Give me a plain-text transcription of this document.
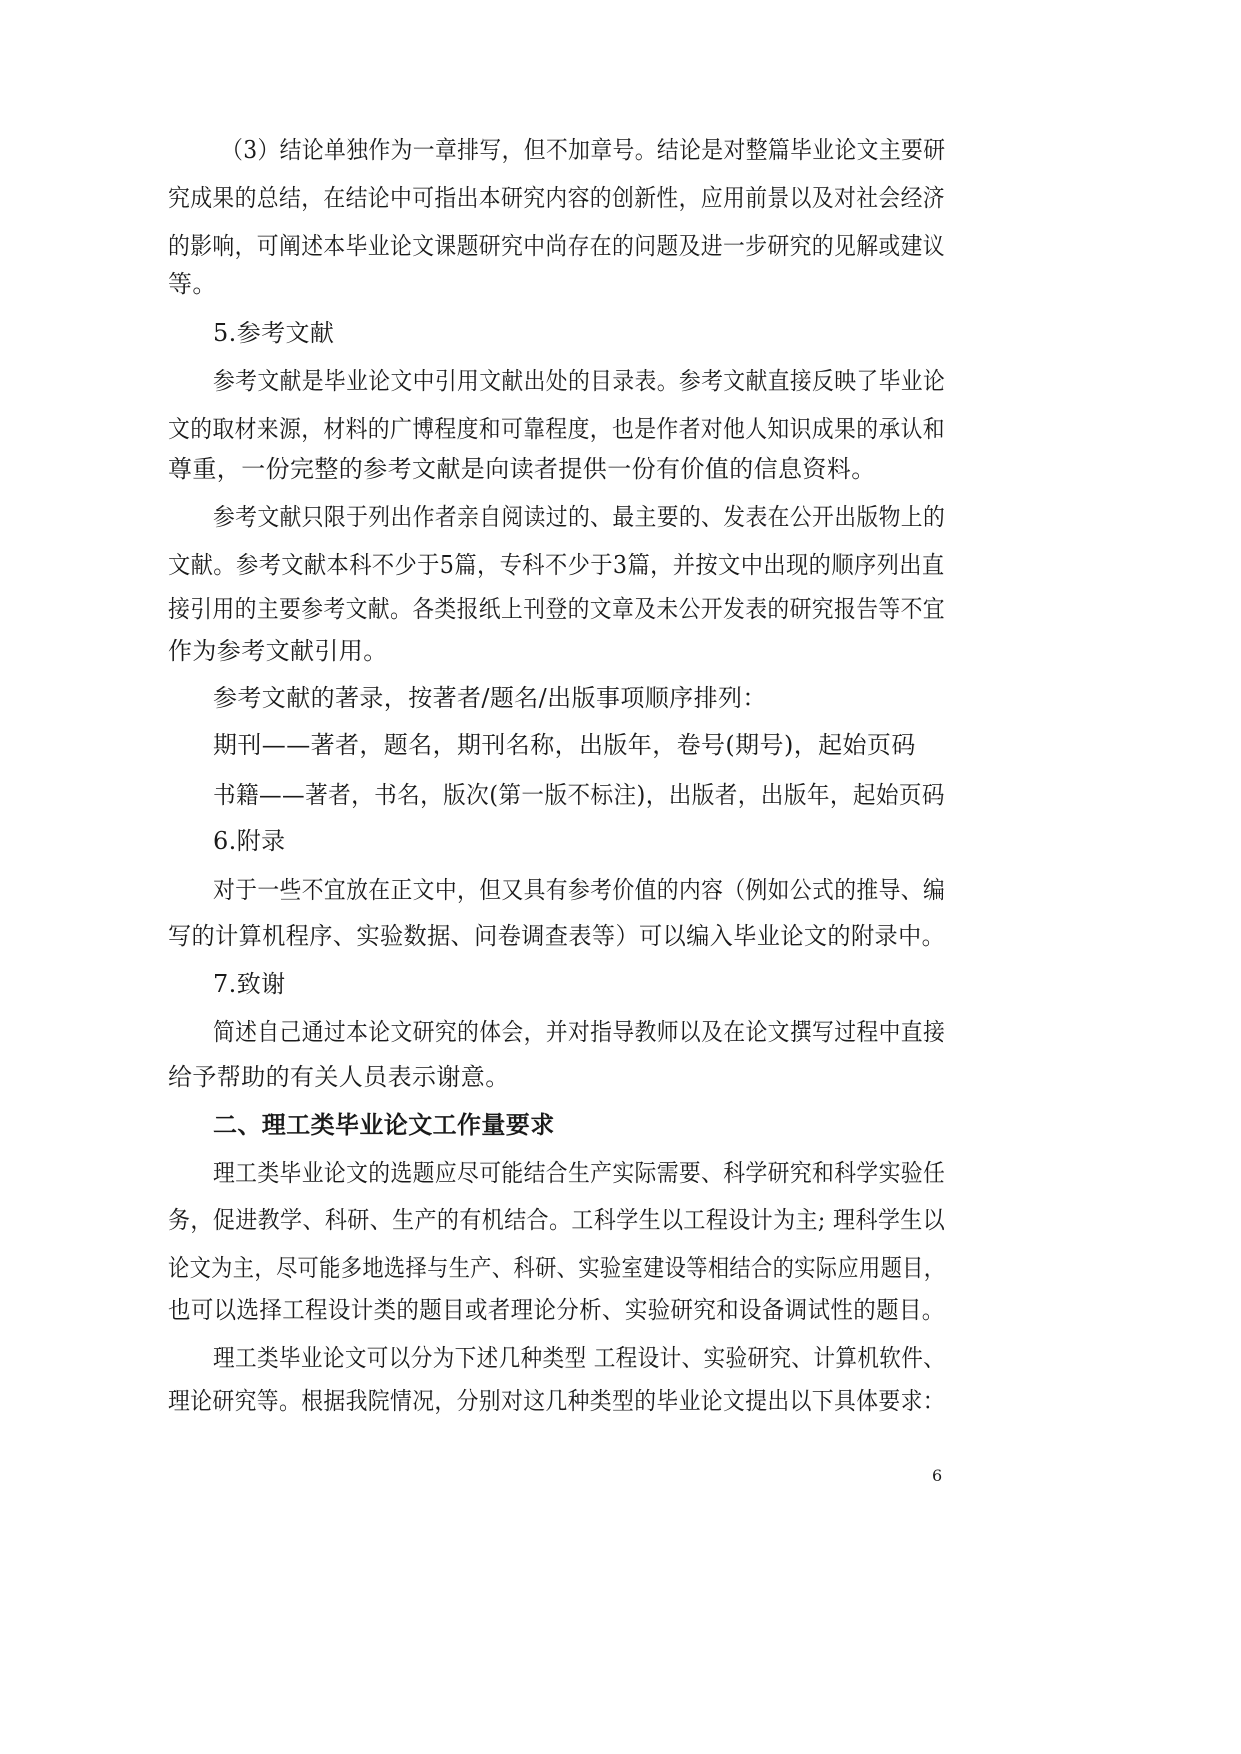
（3）结论单独作为一章排写，但不加章号。结论是对整篇毕业论文主要研
究成果的总结，在结论中可指出本研究内容的创新性，应用前景以及对社会经济
的影响，可阐述本毕业论文课题研究中尚存在的问题及进一步研究的见解或建议
等。
5.参考文献
参考文献是毕业论文中引用文献出处的目录表。参考文献直接反映了毕业论
文的取材来源，材料的广博程度和可靠程度，也是作者对他人知识成果的承认和
尊重，一份完整的参考文献是向读者提供一份有价值的信息资料。
参考文献只限于列出作者亲自阅读过的、最主要的、发表在公开出版物上的
文献。参考文献本科不少于5篇，专科不少于3篇，并按文中出现的顺序列出直
接引用的主要参考文献。各类报纸上刊登的文章及未公开发表的研究报告等不宜
作为参考文献引用。
参考文献的著录，按著者/题名/出版事项顺序排列：
期刊——著者，题名，期刊名称，出版年，卷号(期号)，起始页码
书籍——著者，书名，版次(第一版不标注)，出版者，出版年，起始页码
6.附录
对于一些不宜放在正文中，但又具有参考价值的内容（例如公式的推导、编
写的计算机程序、实验数据、问卷调查表等）可以编入毕业论文的附录中。
7.致谢
简述自己通过本论文研究的体会，并对指导教师以及在论文撰写过程中直接
给予帮助的有关人员表示谢意。
二、理工类毕业论文工作量要求
理工类毕业论文的选题应尽可能结合生产实际需要、科学研究和科学实验任
务，促进教学、科研、生产的有机结合。工科学生以工程设计为主; 理科学生以
论文为主，尽可能多地选择与生产、科研、实验室建设等相结合的实际应用题目，
也可以选择工程设计类的题目或者理论分析、实验研究和设备调试性的题目。
理工类毕业论文可以分为下述几种类型 工程设计、实验研究、计算机软件、
理论研究等。根据我院情况，分别对这几种类型的毕业论文提出以下具体要求：
6
